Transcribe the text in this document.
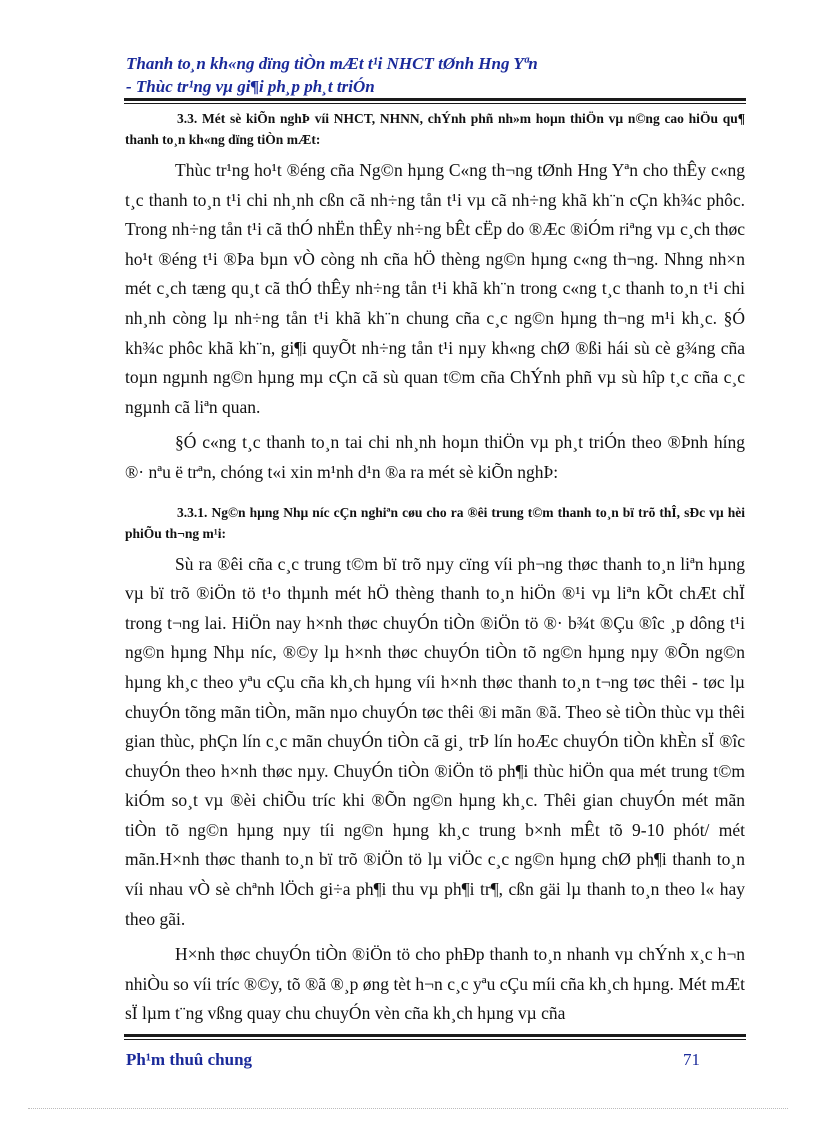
Thanh to¸n kh«ng dïng tiÒn mÆt t¹i NHCT tØnh Hng Yªn
- Thùc tr¹ng vµ gi¶i ph¸p ph¸t triÓn

3.3. Mét sè kiÕn nghÞ víi NHCT, NHNN, chÝnh phñ nh»m hoµn thiÖn vµ n©ng cao hiÖu qu¶ thanh to¸n kh«ng dïng tiÒn mÆt:

Thùc tr¹ng ho¹t ®éng cña Ng©n hµng C«ng th¬ng tØnh Hng Yªn cho thÊy c«ng t¸c thanh to¸n t¹i chi nh¸nh cßn cã nh÷ng tån t¹i vµ cã nh÷ng khã kh¨n cÇn kh¾c phôc. Trong nh÷ng tån t¹i cã thÓ nhËn thÊy nh÷ng bÊt cËp do ®Æc ®iÓm riªng vµ c¸ch thøc ho¹t ®éng t¹i ®Þa bµn vÒ còng nh cña hÖ thèng ng©n hµng c«ng th¬ng. Nhng nh×n mét c¸ch tæng qu¸t cã thÓ thÊy nh÷ng tån t¹i khã kh¨n trong c«ng t¸c thanh to¸n t¹i chi nh¸nh còng lµ nh÷ng tån t¹i khã kh¨n chung cña c¸c ng©n hµng th¬ng m¹i kh¸c. §Ó kh¾c phôc khã kh¨n, gi¶i quyÕt nh÷ng tån t¹i nµy kh«ng chØ ®ßi hái sù cè g¾ng cña toµn ngµnh ng©n hµng mµ cÇn cã sù quan t©m cña ChÝnh phñ vµ sù hîp t¸c cña c¸c ngµnh cã liªn quan.

§Ó c«ng t¸c thanh to¸n tai chi nh¸nh hoµn thiÖn vµ ph¸t triÓn theo ®Þnh híng ®· nªu ë trªn, chóng t«i xin m¹nh d¹n ®a ra mét sè kiÕn nghÞ:

3.3.1. Ng©n hµng Nhµ níc cÇn nghiªn cøu cho ra ®êi trung t©m thanh to¸n bï trõ thÎ, sÐc vµ hèi phiÕu th¬ng m¹i:

Sù ra ®êi cña c¸c trung t©m bï trõ nµy cïng víi ph¬ng thøc thanh to¸n liªn hµng vµ bï trõ ®iÖn tö t¹o thµnh mét hÖ thèng thanh to¸n hiÖn ®¹i vµ liªn kÕt chÆt chÏ trong t¬ng lai. HiÖn nay h×nh thøc chuyÓn tiÒn ®iÖn tö ®· b¾t ®Çu ®îc ¸p dông t¹i ng©n hµng Nhµ níc, ®©y lµ h×nh thøc chuyÓn tiÒn tõ ng©n hµng nµy ®Õn ng©n hµng kh¸c theo yªu cÇu cña kh¸ch hµng víi h×nh thøc thanh to¸n t¬ng tøc thêi - tøc lµ chuyÓn tõng mãn tiÒn, mãn nµo chuyÓn tøc thêi ®i mãn ®ã. Theo sè tiÒn thùc vµ thêi gian thùc, phÇn lín c¸c mãn chuyÓn tiÒn cã gi¸ trÞ lín hoÆc chuyÓn tiÒn khÈn sÏ ®îc chuyÓn theo h×nh thøc nµy. ChuyÓn tiÒn ®iÖn tö ph¶i thùc hiÖn qua mét trung t©m kiÓm so¸t vµ ®èi chiÕu tríc khi ®Õn ng©n hµng kh¸c. Thêi gian chuyÓn mét mãn tiÒn tõ ng©n hµng nµy tíi ng©n hµng kh¸c trung b×nh mÊt tõ 9-10 phót/ mét mãn.H×nh thøc thanh to¸n bï trõ ®iÖn tö lµ viÖc c¸c ng©n hµng chØ ph¶i thanh to¸n víi nhau vÒ sè chªnh lÖch gi÷a ph¶i thu vµ ph¶i tr¶, cßn gäi lµ thanh to¸n theo l« hay theo gãi.

H×nh thøc chuyÓn tiÒn ®iÖn tö cho phÐp thanh to¸n nhanh vµ chÝnh x¸c h¬n nhiÒu so víi tríc ®©y, tõ ®ã ®¸p øng tèt h¬n c¸c yªu cÇu míi cña kh¸ch hµng. Mét mÆt sÏ lµm t¨ng vßng quay chu chuyÓn vèn cña kh¸ch hµng vµ cña

Ph¹m thuû chung	71
